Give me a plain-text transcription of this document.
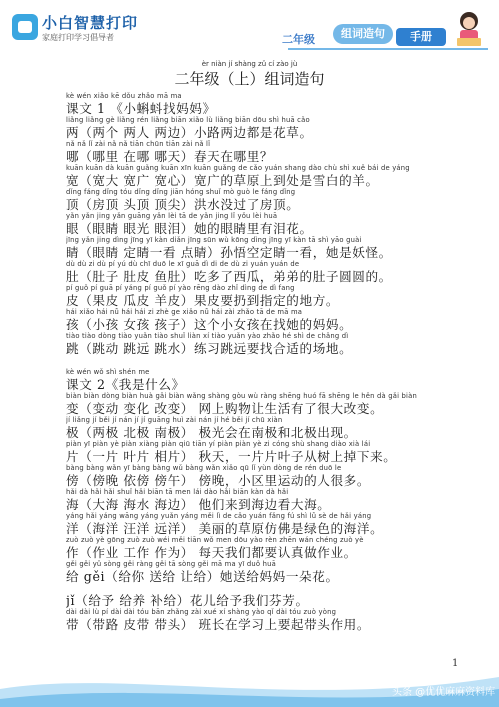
小白智慧打印
家庭打印学习倡导者	二年级	组词造句	手册
èr niàn jí shàng zǔ cí zào jù
二年级（上）组词造句
kè wén xiǎo kē dǒu zhǎo mā ma
课文 1 《小蝌蚪找妈妈》
liǎng liǎng gè liǎng rén liǎng biān xiǎo lù liǎng biān dōu shì huā cǎo
两（两个 两人 两边）小路两边都是花草。
nǎ nǎ lǐ zài nǎ nǎ tiān chūn tiān zài nǎ lǐ
哪（哪里 在哪 哪天）春天在哪里？
kuān kuān dà kuān guǎng kuān xīn kuān guǎng de cǎo yuán shang dào chù shì xuě bái de yáng
宽（宽大 宽广 宽心）宽广的草原上到处是雪白的羊。
dǐng fáng dǐng tóu dǐng dǐng jiān hóng shuǐ mò guò le fáng dǐng
顶（房顶 头顶 顶尖）洪水没过了房顶。
yǎn yǎn jing yǎn guāng yǎn lèi tā de yǎn jing lǐ yǒu lèi huā
眼（眼睛 眼光 眼泪）她的眼睛里有泪花。
jīng yǎn jing dìng jīng yī kàn diǎn jīng sūn wù kōng dìng jīng yī kàn tā shì yāo guài
睛（眼睛 定睛一看 点睛）孙悟空定睛一看，她是妖怪。
dù dù zi dù pí yú dù chī duō le xī guā dì di de dù zi yuán yuán de
肚（肚子 肚皮 鱼肚）吃多了西瓜，弟弟的肚子圆圆的。
pí guǒ pí guā pí yáng pí guǒ pí yào rēng dào zhǐ dìng de dì fang
皮（果皮 瓜皮 羊皮）果皮要扔到指定的地方。
hái xiǎo hái nǚ hái hái zi zhè ge xiǎo nǚ hái zài zhǎo tā de mā ma
孩（小孩 女孩 孩子）这个小女孩在找她的妈妈。
tiào tiào dòng tiào yuǎn tiào shuǐ liàn xí tiào yuǎn yào zhǎo hé shì de chǎng dì
跳（跳动 跳远 跳水）练习跳远要找合适的场地。
kè wén wǒ shì shén me
课文 2《我是什么》
biàn biàn dòng biàn huà gǎi biàn wǎng shàng gòu wù ràng shēng huó fā shēng le hěn dà gǎi biàn
变（变动 变化 改变） 网上购物让生活有了很大改变。
jí liǎng jí běi jí nán jí jí guāng huì zài nán jí hé běi jí chū xiàn
极（两极 北极 南极） 极光会在南极和北极出现。
piàn yī piàn yè piàn xiàng piàn qiū tiān yí piàn piàn yè zi cóng shù shang diào xià lái
片（一片 叶片 相片） 秋天，一片片叶子从树上掉下来。
bàng bàng wǎn yī bàng bàng wǔ bàng wǎn xiǎo qū lǐ yùn dòng de rén duō le
傍（傍晚 依傍 傍午） 傍晚，小区里运动的人很多。
hǎi dà hǎi hǎi shuǐ hǎi biān tā men lái dào hǎi biān kàn dà hǎi
海（大海 海水 海边） 他们来到海边看大海。
yáng hǎi yáng wāng yáng yuǎn yáng měi lì de cǎo yuán fǎng fú shì lǜ sè de hǎi yáng
洋（海洋 汪洋 远洋） 美丽的草原仿佛是绿色的海洋。
zuò zuò yè gōng zuò zuò wéi měi tiān wǒ men dōu yào rèn zhēn wán chéng zuò yè
作（作业 工作 作为） 每天我们都要认真做作业。
gěi gěi yǔ sòng gěi ràng gěi tā sòng gěi mā ma yī duǒ huā
给 gěi（给你 送给 让给）她送给妈妈一朵花。
jǐ（给予 给养 补给）花儿给予我们芬芳。
dài dài lù pí dài dài tóu bān zhǎng zài xué xí shàng yào qǐ dài tóu zuò yòng
带（带路 皮带 带头） 班长在学习上要起带头作用。
1
头条 @优优麻麻资料库
